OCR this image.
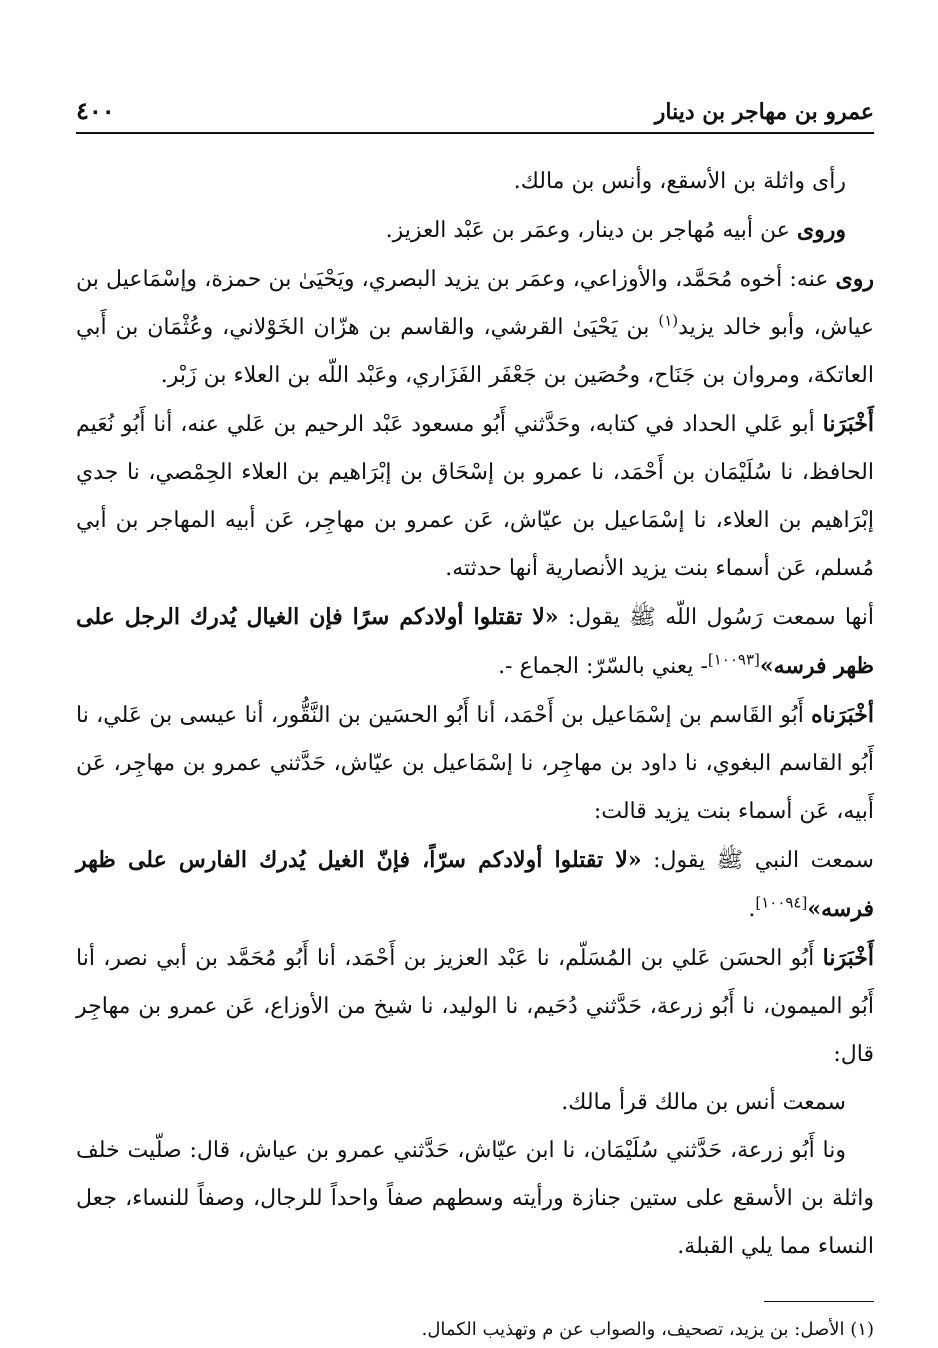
عمرو بن مهاجر بن دينار
٤٠٠

رأى واثلة بن الأسقع، وأنس بن مالك.

وروى عن أبيه مُهاجر بن دينار، وعمَر بن عَبْد العزيز.

روى عنه: أخوه مُحَمَّد، والأوزاعي، وعمَر بن يزيد البصري، ويَحْيَىٰ بن حمزة، وإسْمَاعيل بن عياش، وأبو خالد يزيد$^{(١)}$ بن يَحْيَىٰ القرشي، والقاسم بن هزّان الخَوْلاني، وعُثْمَان بن أَبي العاتكة، ومروان بن جَنَاح، وحُصَين بن جَعْفَر الفَزَاري، وعَبْد اللّه بن العلاء بن زَبْر.

أَخْبَرَنا أبو عَلي الحداد في كتابه، وحَدَّثني أَبُو مسعود عَبْد الرحيم بن عَلي عنه، أنا أَبُو نُعَيم الحافظ، نا سُلَيْمَان بن أَحْمَد، نا عمرو بن إسْحَاق بن إبْرَاهيم بن العلاء الحِمْصي، نا جدي إبْرَاهيم بن العلاء، نا إسْمَاعيل بن عيّاش، عَن عمرو بن مهاجِر، عَن أبيه المهاجر بن أبي مُسلم، عَن أسماء بنت يزيد الأنصارية أنها حدثته.

أنها سمعت رَسُول اللّه ﷺ يقول: «لا تقتلوا أولادكم سرًا فإن الغيال يُدرك الرجل على ظهر فرسه»[١٠٠٩٣]- يعني بالسّرّ: الجماع -.

أخْبَرَناه أَبُو القَاسم بن إسْمَاعيل بن أَحْمَد، أنا أَبُو الحسَين بن النَّقُّور، أنا عيسى بن عَلي، نا أَبُو القاسم البغوي، نا داود بن مهاجِر، نا إسْمَاعيل بن عيّاش، حَدَّثني عمرو بن مهاجِر، عَن أَبيه، عَن أسماء بنت يزيد قالت:

سمعت النبي ﷺ يقول: «لا تقتلوا أولادكم سرّاً، فإنّ الغيل يُدرك الفارس على ظهر فرسه»[١٠٠٩٤].

أَخْبَرَنا أَبُو الحسَن عَلي بن المُسَلّم، نا عَبْد العزيز بن أَحْمَد، أنا أَبُو مُحَمَّد بن أبي نصر، أنا أَبُو الميمون، نا أَبُو زرعة، حَدَّثني دُحَيم، نا الوليد، نا شيخ من الأوزاع، عَن عمرو بن مهاجِر قال:

سمعت أنس بن مالك قرأ مالك.

ونا أَبُو زرعة، حَدَّثني سُلَيْمَان، نا ابن عيّاش، حَدَّثني عمرو بن عياش، قال: صلّيت خلف واثلة بن الأسقع على ستين جنازة ورأيته وسطهم صفاً واحداً للرجال، وصفاً للنساء، جعل النساء مما يلي القبلة.

(١) الأصل: بن يزيد، تصحيف، والصواب عن م وتهذيب الكمال.
